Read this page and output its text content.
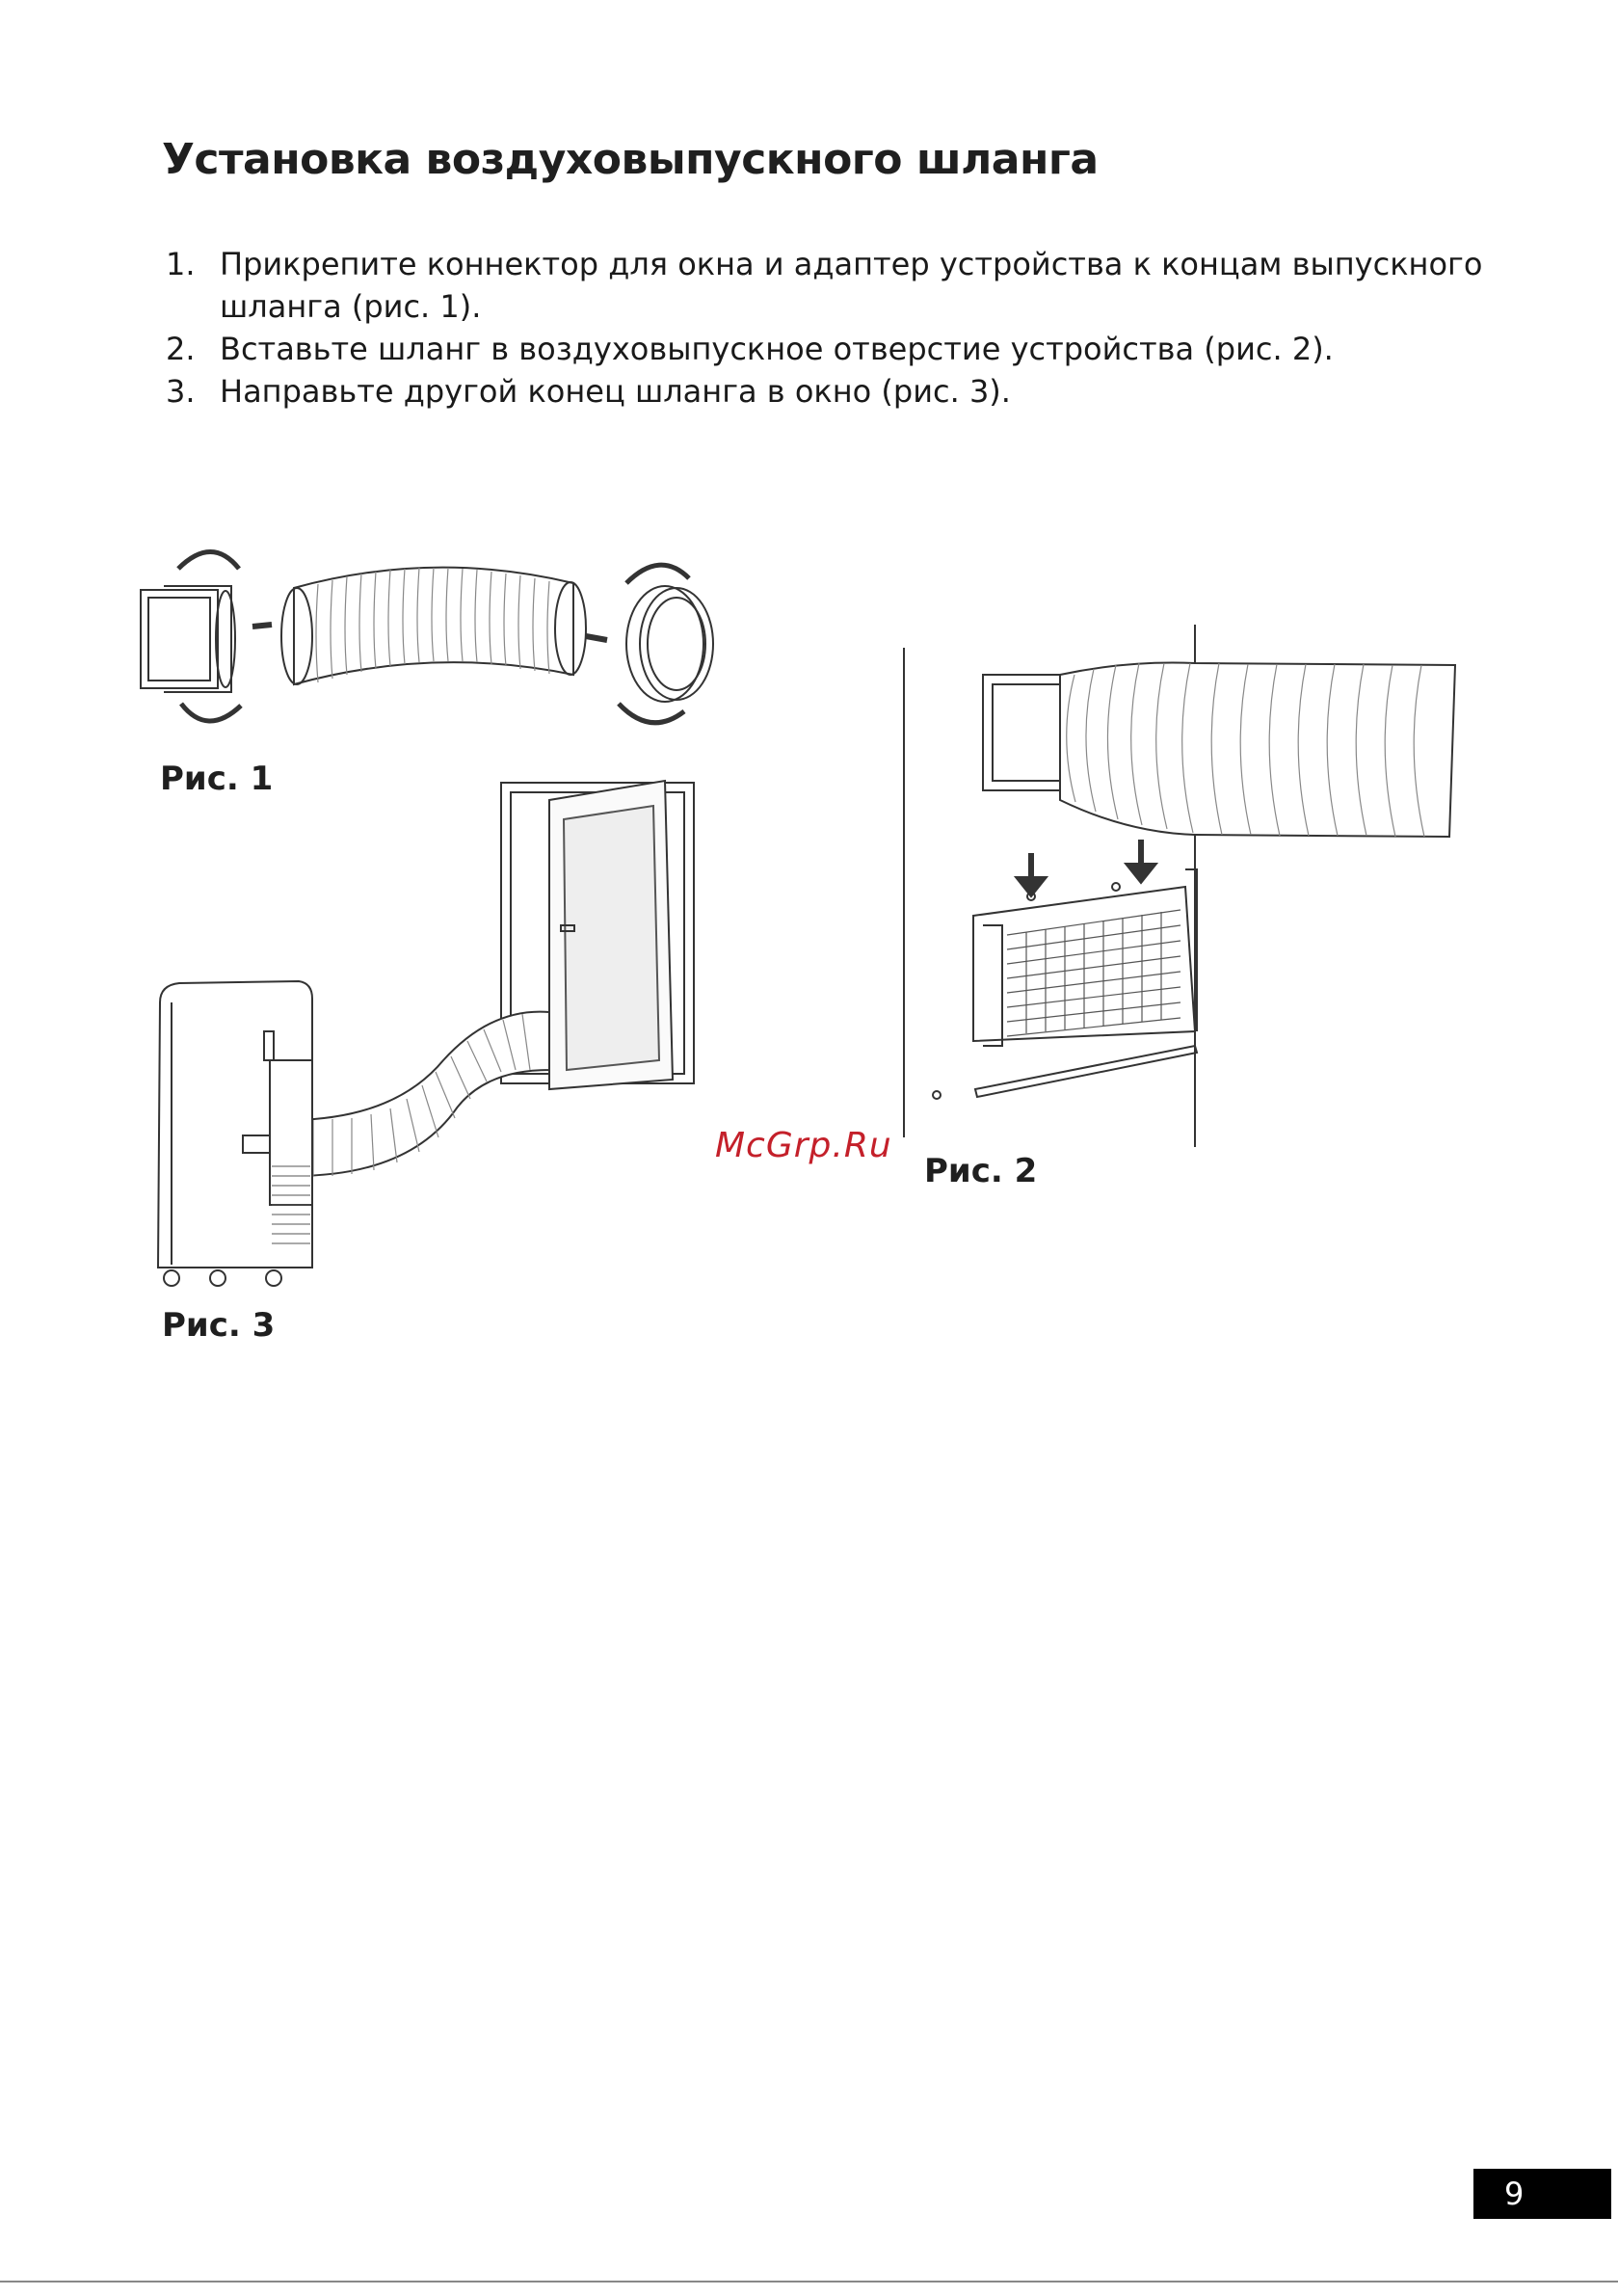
Установка воздуховыпускного шланга
1. Прикрепите коннектор для окна и адаптер устройства к концам выпускного шланга (рис. 1).
2. Вставьте шланг в воздуховыпускное отверстие устройства (рис. 2).
3. Направьте другой конец шланга в окно (рис. 3).
Рис. 1
Рис. 3
Рис. 2
McGrp.Ru
9
